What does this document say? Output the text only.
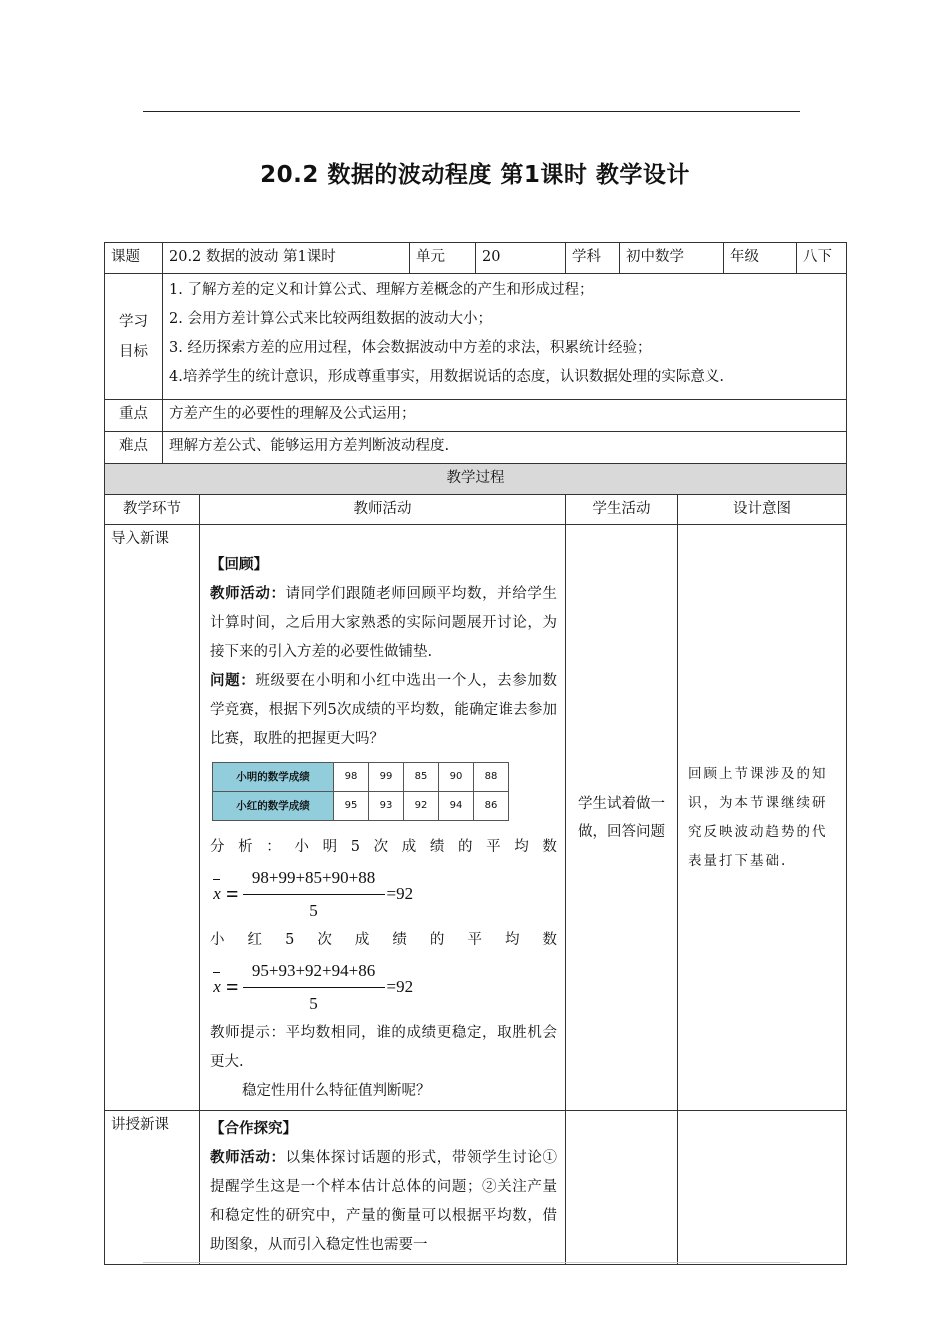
20.2 数据的波动程度 第1课时 教学设计
课题	20.2 数据的波动 第1课时	单元	20	学科	初中数学	年级	八下

学习
目标

1. 了解方差的定义和计算公式、理解方差概念的产生和形成过程；
2. 会用方差计算公式来比较两组数据的波动大小；
3. 经历探索方差的应用过程，体会数据波动中方差的求法，积累统计经验；
4.培养学生的统计意识，形成尊重事实，用数据说话的态度，认识数据处理的实际意义.

重点	方差产生的必要性的理解及公式运用；
难点	理解方差公式、能够运用方差判断波动程度.
教学过程
教学环节	教师活动	学生活动	设计意图
导入新课	

【回顾】

教师活动：请同学们跟随老师回顾平均数，并给学生计算时间，之后用大家熟悉的实际问题展开讨论，为接下来的引入方差的必要性做铺垫.

问题：班级要在小明和小红中选出一个人，去参加数学竞赛，根据下列5次成绩的平均数，能确定谁去参加比赛，取胜的把握更大吗？

小明的数学成绩	98	99	85	90	88
小红的数学成绩	95	93	92	94	86

分 析 ： 小 明 5 次 成 绩 的 平 均 数

$x = \frac{98+99+85+90+88}{5} =92$

小 红 5 次 成 绩 的 平 均 数

$x = \frac{95+93+92+94+86}{5} =92$

教师提示：平均数相同，谁的成绩更稳定，取胜机会更大.

稳定性用什么特征值判断呢？

	学生试着做一做，回答问题	回顾上节课涉及的知识，为本节课继续研究反映波动趋势的代表量打下基础.
讲授新课	【合作探究】

教师活动：以集体探讨话题的形式，带领学生讨论①提醒学生这是一个样本估计总体的问题；②关注产量和稳定性的研究中，产量的衡量可以根据平均数，借助图象，从而引入稳定性也需要一
